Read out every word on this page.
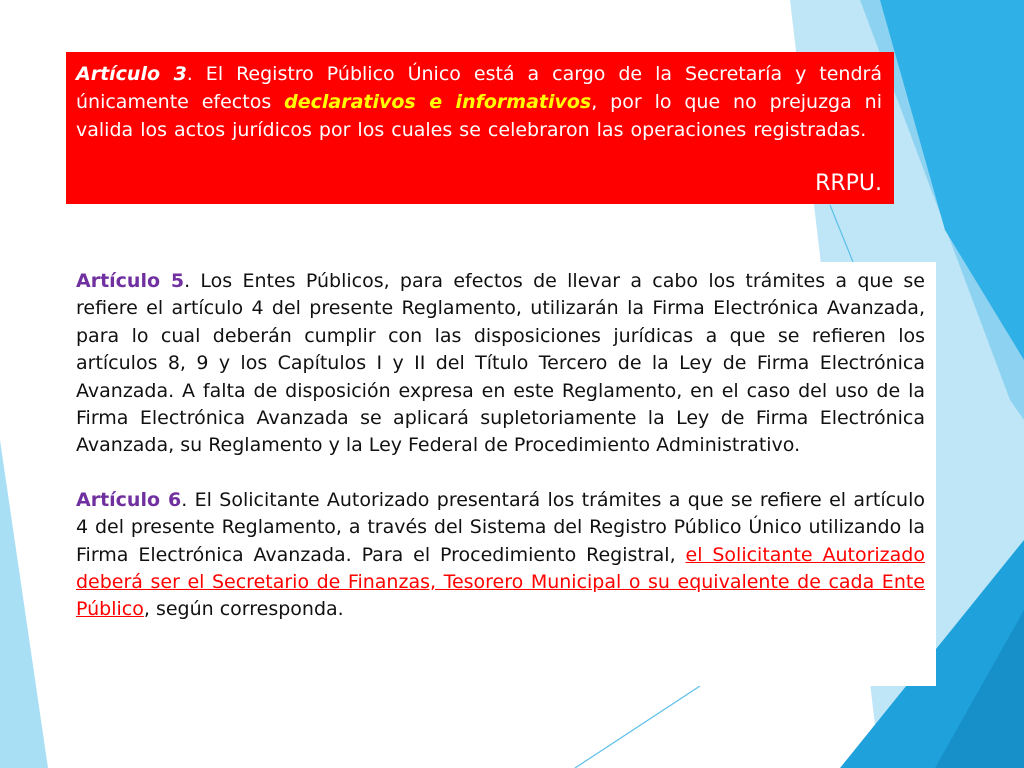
Artículo 3. El Registro Público Único está a cargo de la Secretaría y tendrá únicamente efectos declarativos e informativos, por lo que no prejuzga ni valida los actos jurídicos por los cuales se celebraron las operaciones registradas.

RRPU.

Artículo 5. Los Entes Públicos, para efectos de llevar a cabo los trámites a que se refiere el artículo 4 del presente Reglamento, utilizarán la Firma Electrónica Avanzada, para lo cual deberán cumplir con las disposiciones jurídicas a que se refieren los artículos 8, 9 y los Capítulos I y II del Título Tercero de la Ley de Firma Electrónica Avanzada. A falta de disposición expresa en este Reglamento, en el caso del uso de la Firma Electrónica Avanzada se aplicará supletoriamente la Ley de Firma Electrónica Avanzada, su Reglamento y la Ley Federal de Procedimiento Administrativo.

Artículo 6. El Solicitante Autorizado presentará los trámites a que se refiere el artículo 4 del presente Reglamento, a través del Sistema del Registro Público Único utilizando la Firma Electrónica Avanzada. Para el Procedimiento Registral, el Solicitante Autorizado deberá ser el Secretario de Finanzas, Tesorero Municipal o su equivalente de cada Ente Público, según corresponda.
